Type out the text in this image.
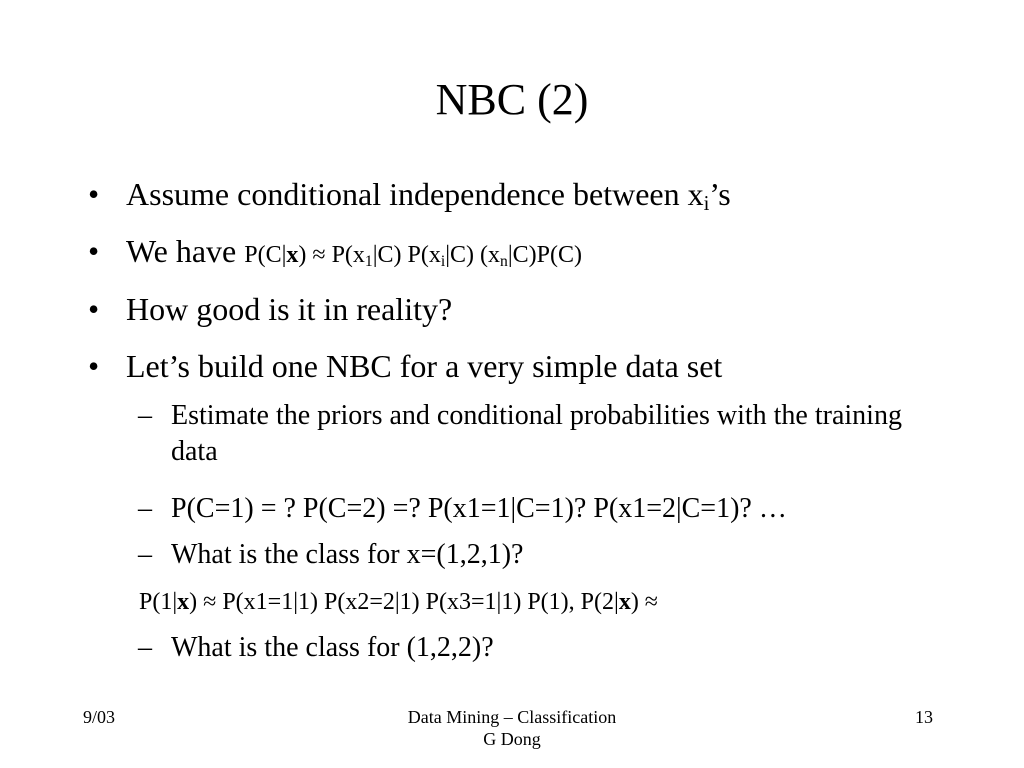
NBC (2)
• Assume conditional independence between $x_i’s$
• We have $P(C|x) \approx P(x_1|C)$ $P(x_i|C)$ $(x_n|C)P(C)$
• How good is it in reality?
• Let’s build one NBC for a very simple data set
– Estimate the priors and conditional probabilities with the training data
– P(C=1) = ? P(C=2) =? P(x1=1|C=1)? P(x1=2|C=1)? …
– What is the class for x=(1,2,1)?
P(1|x) ≈ P(x1=1|1) P(x2=2|1) P(x3=1|1) P(1), P(2|x) ≈
– What is the class for (1,2,2)?
9/03	Data Mining – Classification
G Dong
13
